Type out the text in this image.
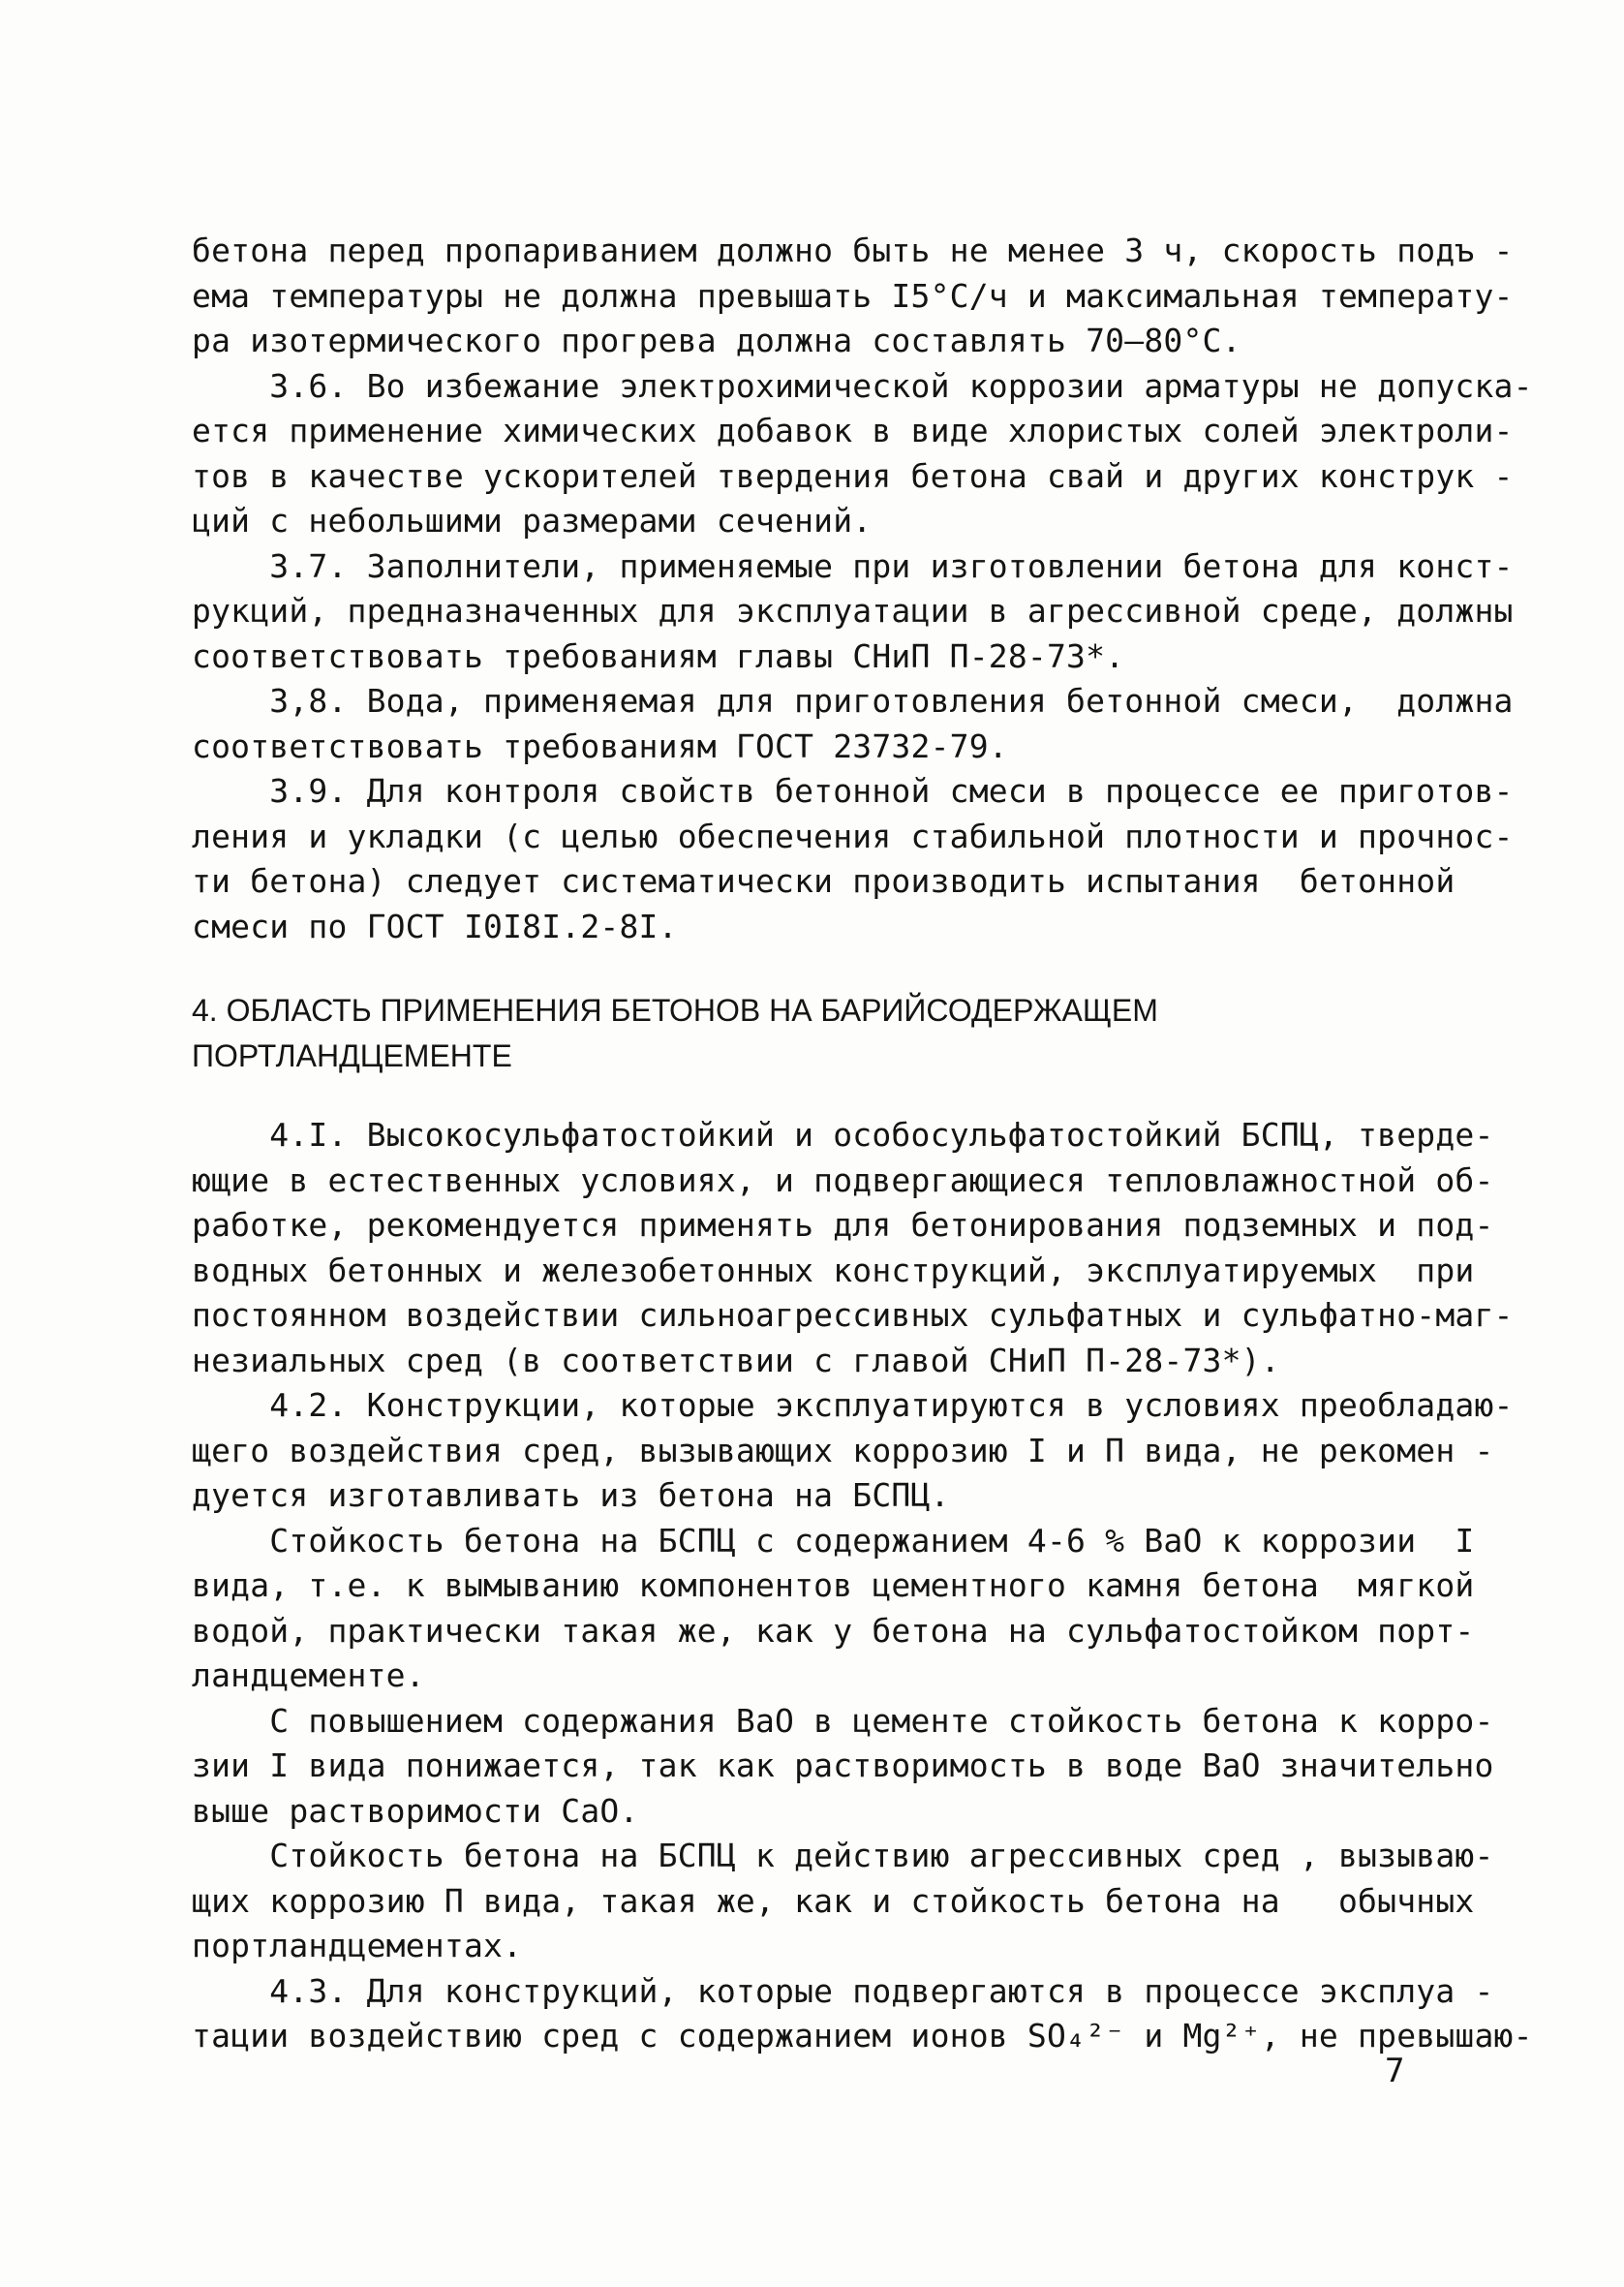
бетона перед пропариванием должно быть не менее 3 ч, скорость подъ -
ема температуры не должна превышать I5°C/ч и максимальная температу-
ра изотермического прогрева должна составлять 70–80°C.
3.6. Во избежание электрохимической коррозии арматуры не допуска-
ется применение химических добавок в виде хлористых солей электроли-
тов в качестве ускорителей твердения бетона свай и других конструк -
ций с небольшими размерами сечений.
3.7. Заполнители, применяемые при изготовлении бетона для конст-
рукций, предназначенных для эксплуатации в агрессивной среде, должны
соответствовать требованиям главы СНиП П-28-73*.
3,8. Вода, применяемая для приготовления бетонной смеси,  должна
соответствовать требованиям ГОСТ 23732-79.
3.9. Для контроля свойств бетонной смеси в процессе ее приготов-
ления и укладки (с целью обеспечения стабильной плотности и прочнос-
ти бетона) следует систематически производить испытания  бетонной
смеси по ГОСТ I0I8I.2-8I.
4. ОБЛАСТЬ ПРИМЕНЕНИЯ БЕТОНОВ НА БАРИЙСОДЕРЖАЩЕМ ПОРТЛАНДЦЕМЕНТЕ
4.I. Высокосульфатостойкий и особосульфатостойкий БСПЦ, тверде-
ющие в естественных условиях, и подвергающиеся тепловлажностной об-
работке, рекомендуется применять для бетонирования подземных и под-
водных бетонных и железобетонных конструкций, эксплуатируемых  при
постоянном воздействии сильноагрессивных сульфатных и сульфатно-маг-
незиальных сред (в соответствии с главой СНиП П-28-73*).
4.2. Конструкции, которые эксплуатируются в условиях преобладаю-
щего воздействия сред, вызывающих коррозию I и П вида, не рекомен -
дуется изготавливать из бетона на БСПЦ.
Стойкость бетона на БСПЦ с содержанием 4-6 % BaO к коррозии  I
вида, т.е. к вымыванию компонентов цементного камня бетона  мягкой
водой, практически такая же, как у бетона на сульфатостойком порт-
ландцементе.
С повышением содержания BaO в цементе стойкость бетона к корро-
зии I вида понижается, так как растворимость в воде BaO значительно
выше растворимости CaO.
Стойкость бетона на БСПЦ к действию агрессивных сред , вызываю-
щих коррозию П вида, такая же, как и стойкость бетона на   обычных
портландцементах.
4.3. Для конструкций, которые подвергаются в процессе эксплуа -
тации воздействию сред с содержанием ионов SO₄²⁻ и Mg²⁺, не превышаю-
7
